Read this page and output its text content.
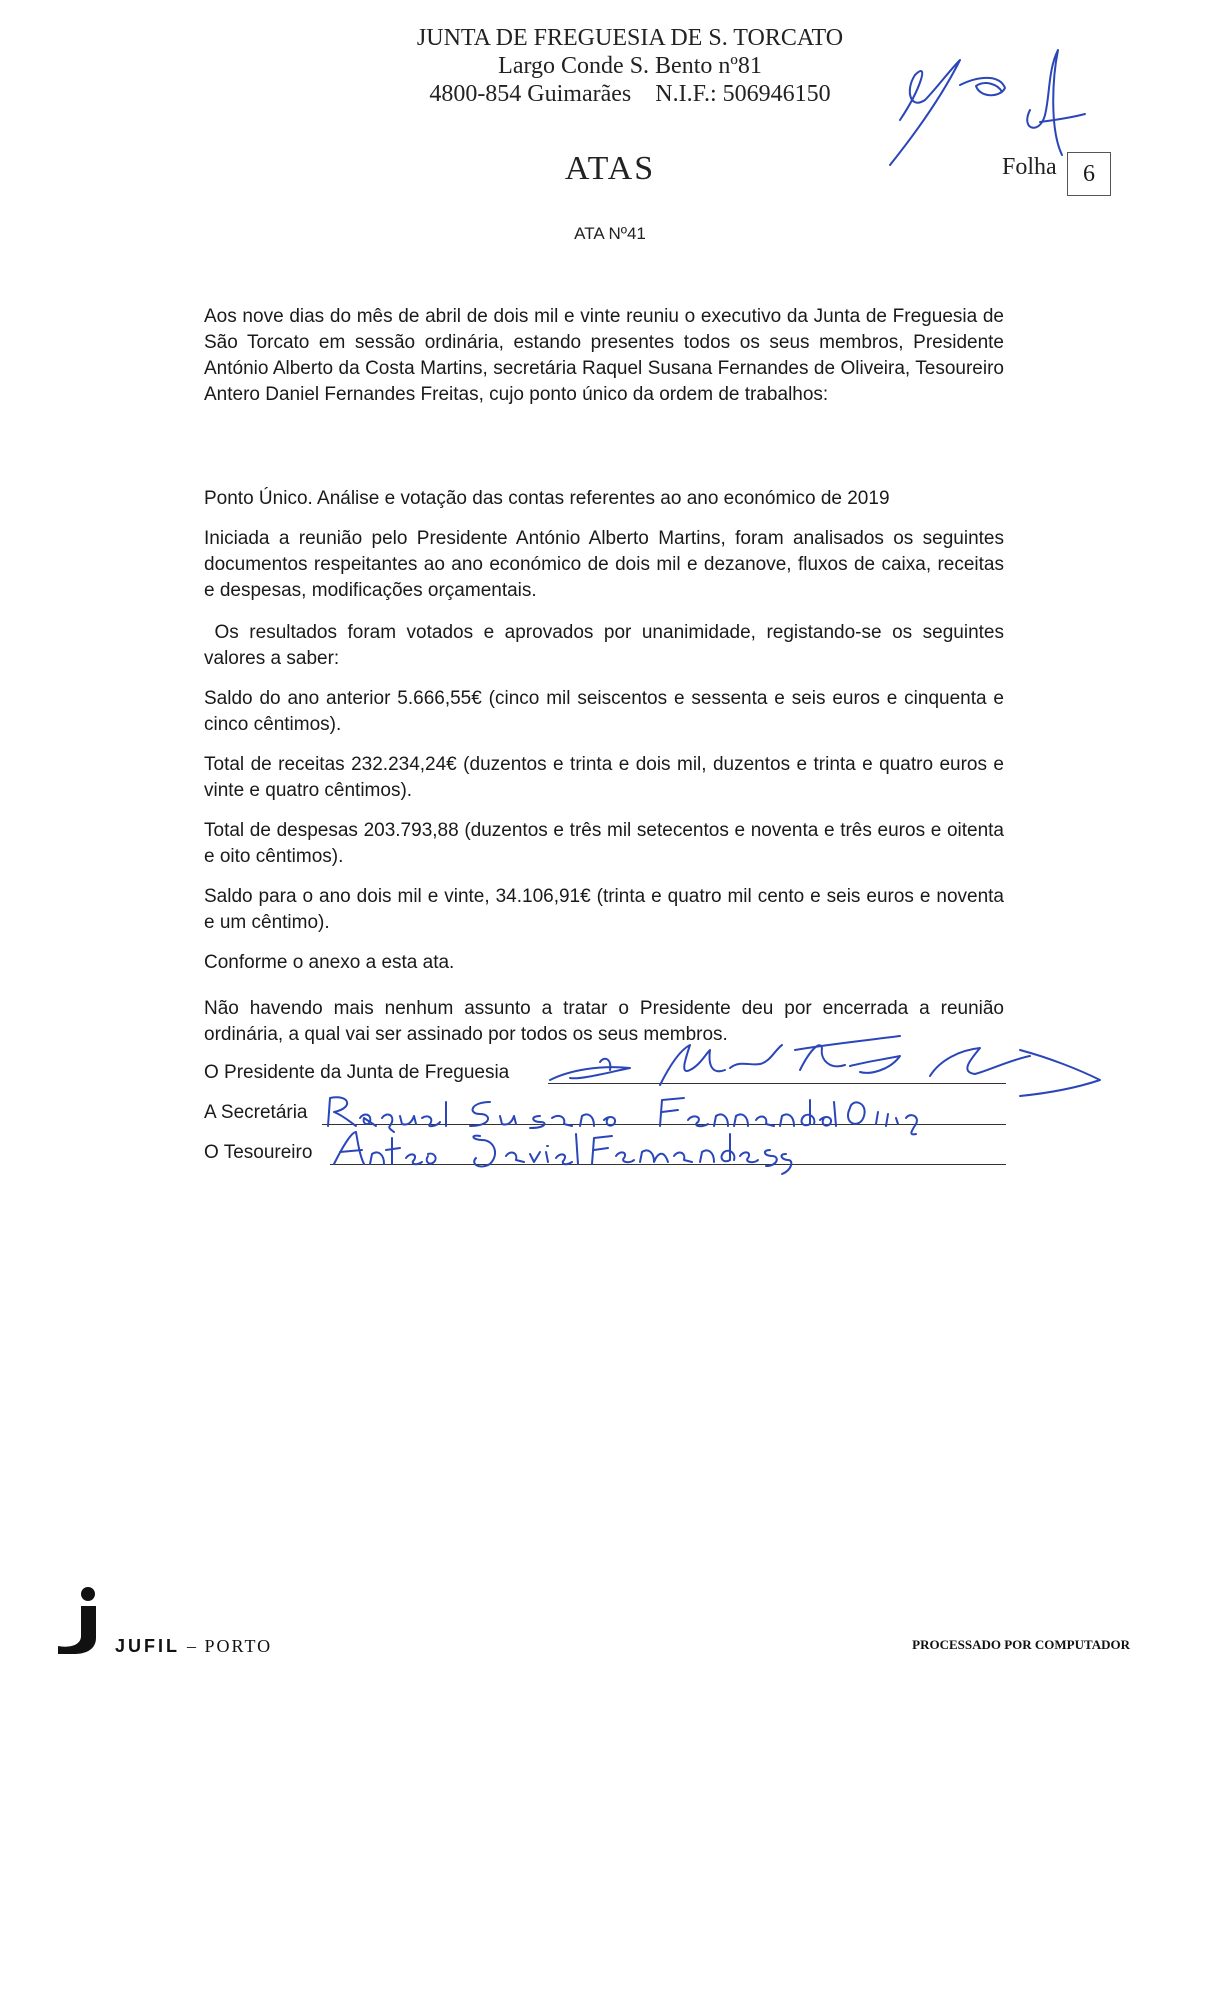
JUNTA DE FREGUESIA DE S. TORCATO
Largo Conde S. Bento nº81
4800-854 Guimarães    N.I.F.: 506946150
ATAS	Folha	6
ATA Nº41

Aos nove dias do mês de abril de dois mil e vinte reuniu o executivo da Junta de Freguesia de São Torcato em sessão ordinária, estando presentes todos os seus membros, Presidente António Alberto da Costa Martins, secretária Raquel Susana Fernandes de Oliveira, Tesoureiro Antero Daniel Fernandes Freitas, cujo ponto único da ordem de trabalhos:

Ponto Único. Análise e votação das contas referentes ao ano económico de 2019

Iniciada a reunião pelo Presidente António Alberto Martins, foram analisados os seguintes documentos respeitantes ao ano económico de dois mil e dezanove, fluxos de caixa, receitas e despesas, modificações orçamentais.

Os resultados foram votados e aprovados por unanimidade, registando-se os seguintes valores a saber:

Saldo do ano anterior 5.666,55€ (cinco mil seiscentos e sessenta e seis euros e cinquenta e cinco cêntimos).

Total de receitas 232.234,24€ (duzentos e trinta e dois mil, duzentos e trinta e quatro euros e vinte e quatro cêntimos).

Total de despesas 203.793,88 (duzentos e três mil setecentos e noventa e três euros e oitenta e oito cêntimos).

Saldo para o ano dois mil e vinte, 34.106,91€ (trinta e quatro mil cento e seis euros e noventa e um cêntimo).

Conforme o anexo a esta ata.

Não havendo mais nenhum assunto a tratar o Presidente deu por encerrada a reunião ordinária, a qual vai ser assinado por todos os seus membros.

O Presidente da Junta de Freguesia
A Secretária
O Tesoureiro
JUFIL – PORTO	PROCESSADO POR COMPUTADOR
